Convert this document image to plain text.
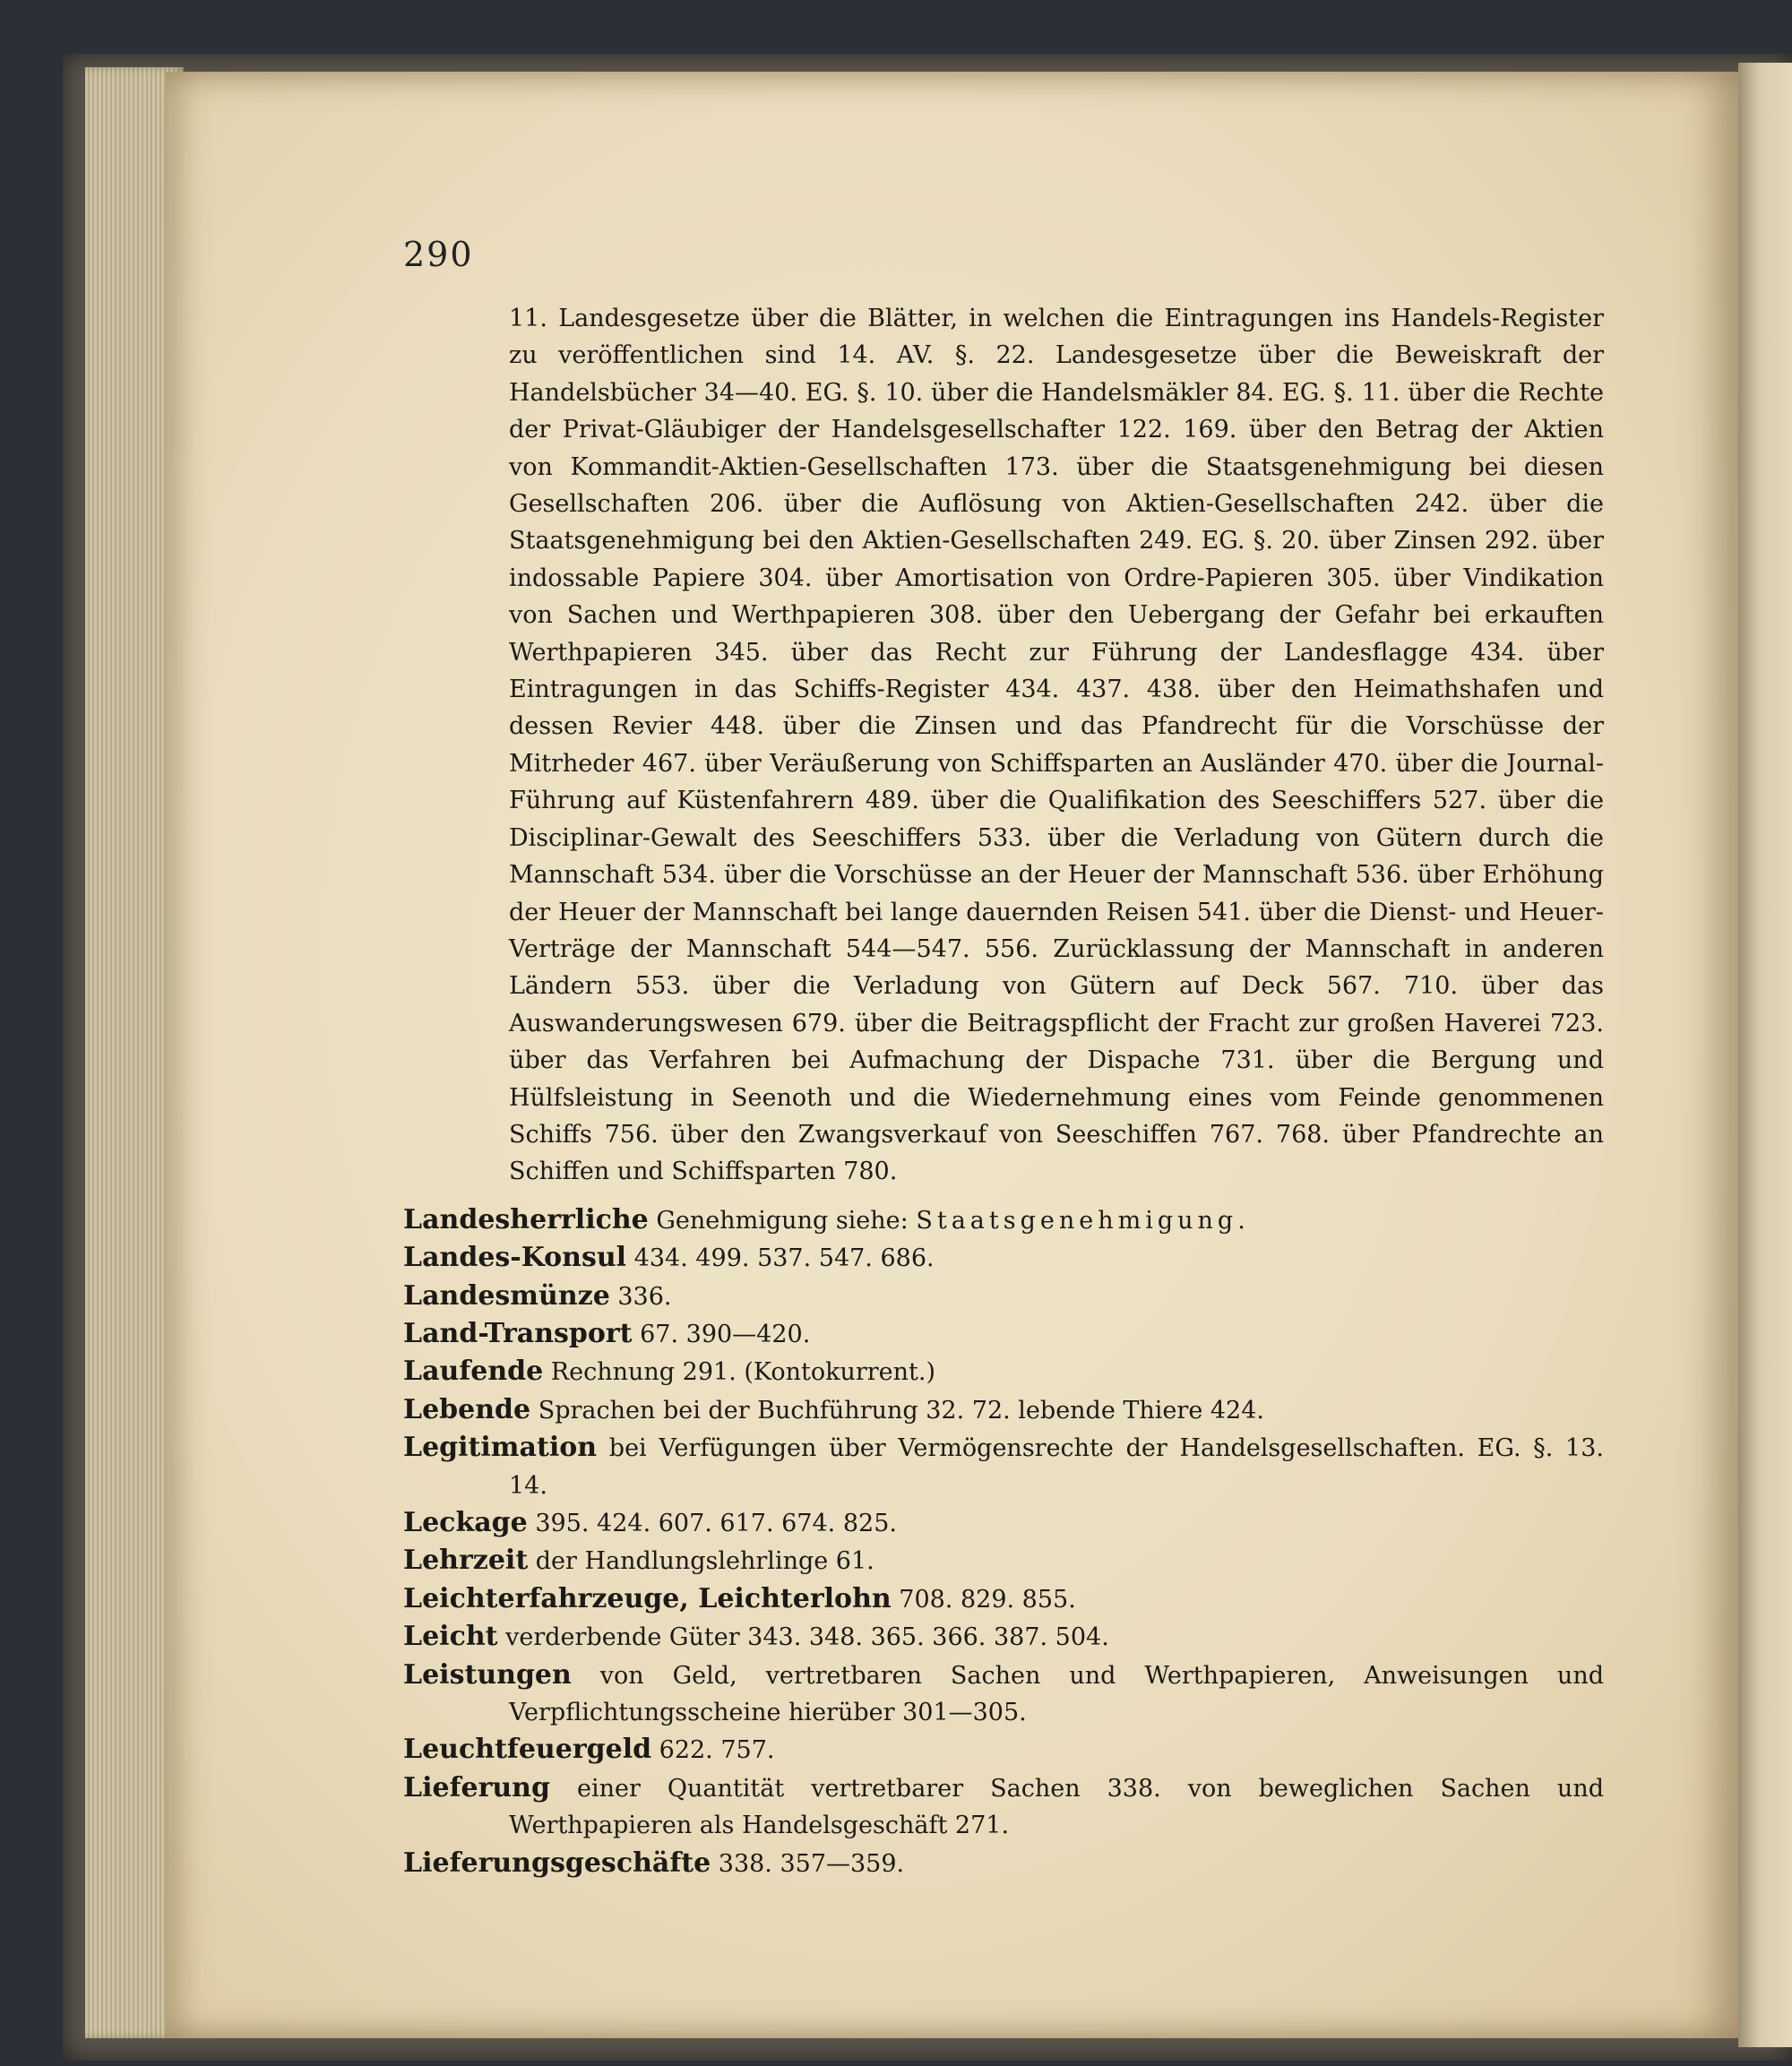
290
11. Landesgesetze über die Blätter, in welchen die Eintragungen ins Handels-Register zu veröffentlichen sind 14. AV. §. 22. Landesgesetze über die Beweiskraft der Handelsbücher 34—40. EG. §. 10. über die Handelsmäkler 84. EG. §. 11. über die Rechte der Privat-Gläubiger der Handelsgesellschafter 122. 169. über den Betrag der Aktien von Kommandit-Aktien-Gesellschaften 173. über die Staatsgenehmigung bei diesen Gesellschaften 206. über die Auflösung von Aktien-Gesellschaften 242. über die Staatsgenehmigung bei den Aktien-Gesellschaften 249. EG. §. 20. über Zinsen 292. über indossable Papiere 304. über Amortisation von Ordre-Papieren 305. über Vindikation von Sachen und Werthpapieren 308. über den Uebergang der Gefahr bei erkauften Werthpapieren 345. über das Recht zur Führung der Landesflagge 434. über Eintragungen in das Schiffs-Register 434. 437. 438. über den Heimathshafen und dessen Revier 448. über die Zinsen und das Pfandrecht für die Vorschüsse der Mitrheder 467. über Veräußerung von Schiffsparten an Ausländer 470. über die Journal-Führung auf Küstenfahrern 489. über die Qualifikation des Seeschiffers 527. über die Disciplinar-Gewalt des Seeschiffers 533. über die Verladung von Gütern durch die Mannschaft 534. über die Vorschüsse an der Heuer der Mannschaft 536. über Erhöhung der Heuer der Mannschaft bei lange dauernden Reisen 541. über die Dienst- und Heuer-Verträge der Mannschaft 544—547. 556. Zurücklassung der Mannschaft in anderen Ländern 553. über die Verladung von Gütern auf Deck 567. 710. über das Auswanderungswesen 679. über die Beitragspflicht der Fracht zur großen Haverei 723. über das Verfahren bei Aufmachung der Dispache 731. über die Bergung und Hülfsleistung in Seenoth und die Wiedernehmung eines vom Feinde genommenen Schiffs 756. über den Zwangsverkauf von Seeschiffen 767. 768. über Pfandrechte an Schiffen und Schiffsparten 780.
Landesherrliche Genehmigung siehe: Staatsgenehmigung.
Landes-Konsul 434. 499. 537. 547. 686.
Landesmünze 336.
Land-Transport 67. 390—420.
Laufende Rechnung 291. (Kontokurrent.)
Lebende Sprachen bei der Buchführung 32. 72. lebende Thiere 424.
Legitimation bei Verfügungen über Vermögensrechte der Handelsgesellschaften. EG. §. 13. 14.
Leckage 395. 424. 607. 617. 674. 825.
Lehrzeit der Handlungslehrlinge 61.
Leichterfahrzeuge, Leichterlohn 708. 829. 855.
Leicht verderbende Güter 343. 348. 365. 366. 387. 504.
Leistungen von Geld, vertretbaren Sachen und Werthpapieren, Anweisungen und Verpflichtungsscheine hierüber 301—305.
Leuchtfeuergeld 622. 757.
Lieferung einer Quantität vertretbarer Sachen 338. von beweglichen Sachen und Werthpapieren als Handelsgeschäft 271.
Lieferungsgeschäfte 338. 357—359.
